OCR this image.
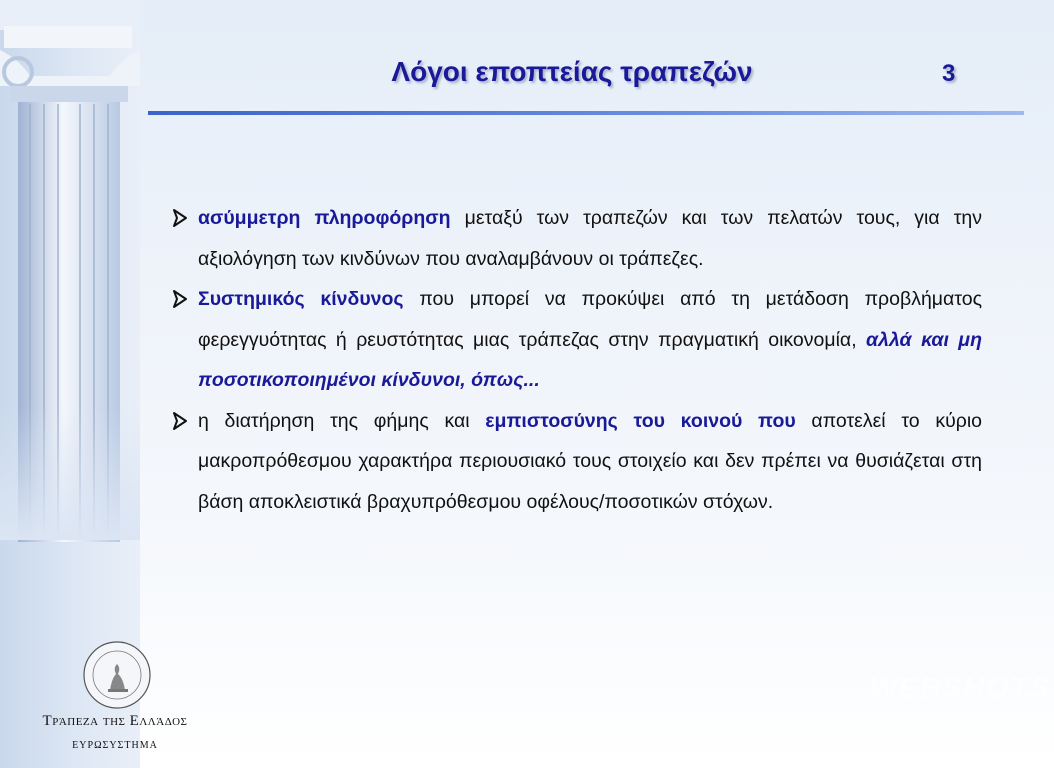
Λόγοι εποπτείας τραπεζών	3
ασύμμετρη πληροφόρηση μεταξύ των τραπεζών και των πελατών τους, για την αξιολόγηση των κινδύνων που αναλαμβάνουν οι τράπεζες.
Συστημικός κίνδυνος που μπορεί να προκύψει από τη μετάδοση προβλήματος φερεγγυότητας ή ρευστότητας μιας τράπεζας στην πραγματική οικονομία, αλλά και μη ποσοτικοποιημένοι κίνδυνοι, όπως...
η διατήρηση της φήμης και εμπιστοσύνης του κοινού που αποτελεί το κύριο μακροπρόθεσμου χαρακτήρα περιουσιακό τους στοιχείο και δεν πρέπει να θυσιάζεται στη βάση αποκλειστικά βραχυπρόθεσμου οφέλους/ποσοτικών στόχων.
WEBSHOTS
Τράπεζα της Ελλάδος
ΕΥΡΩΣΥΣΤΗΜΑ
